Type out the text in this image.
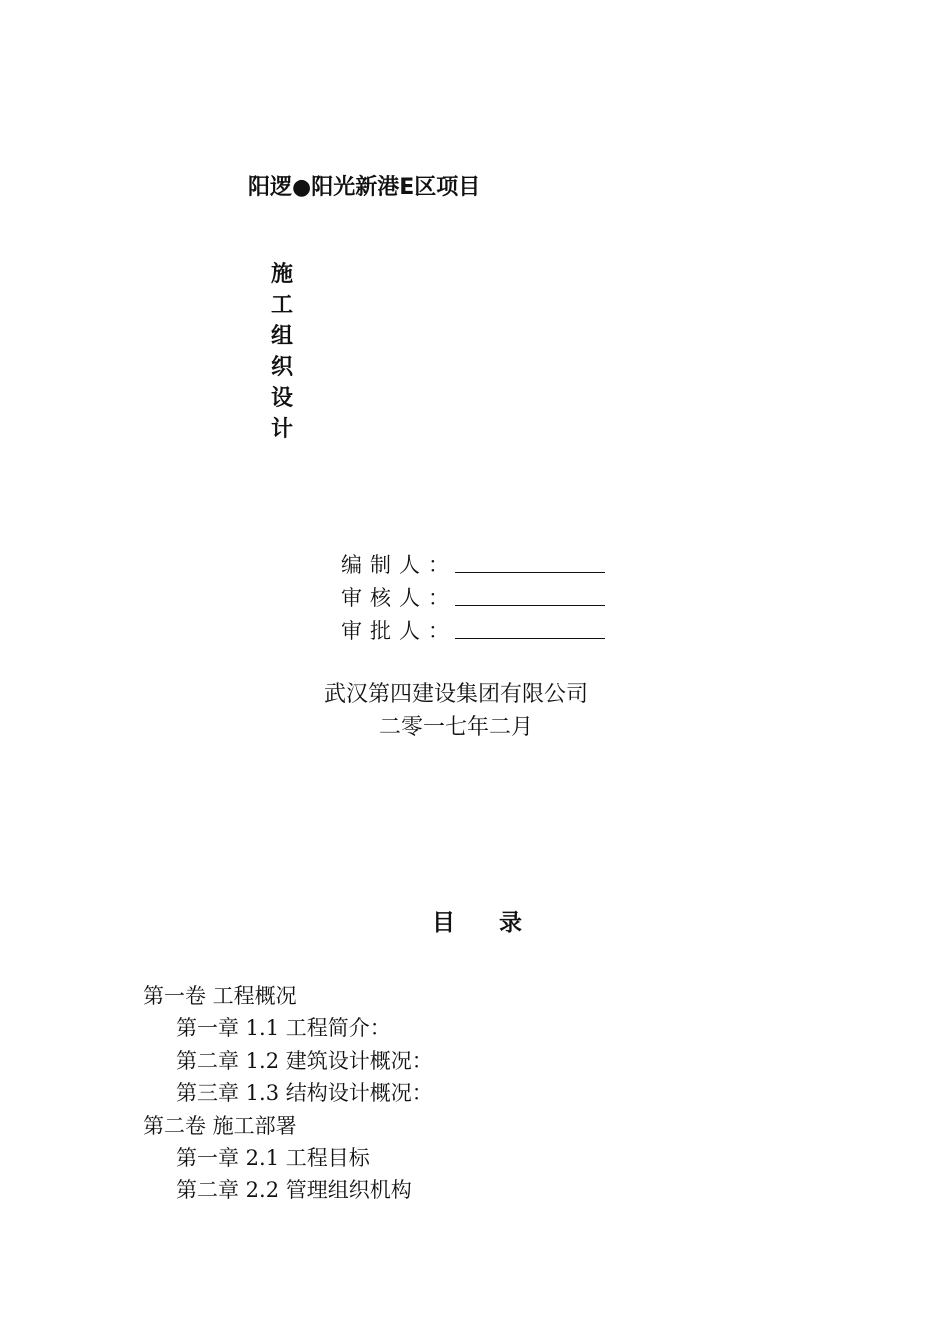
阳逻●阳光新港E区项目
施工组织设计
编制人：
审核人：
审批人：
武汉第四建设集团有限公司
二零一七年二月
目 录
第一卷 工程概况
第一章 1.1 工程简介：
第二章 1.2 建筑设计概况：
第三章 1.3 结构设计概况：
第二卷 施工部署
第一章 2.1 工程目标
第二章 2.2 管理组织机构
